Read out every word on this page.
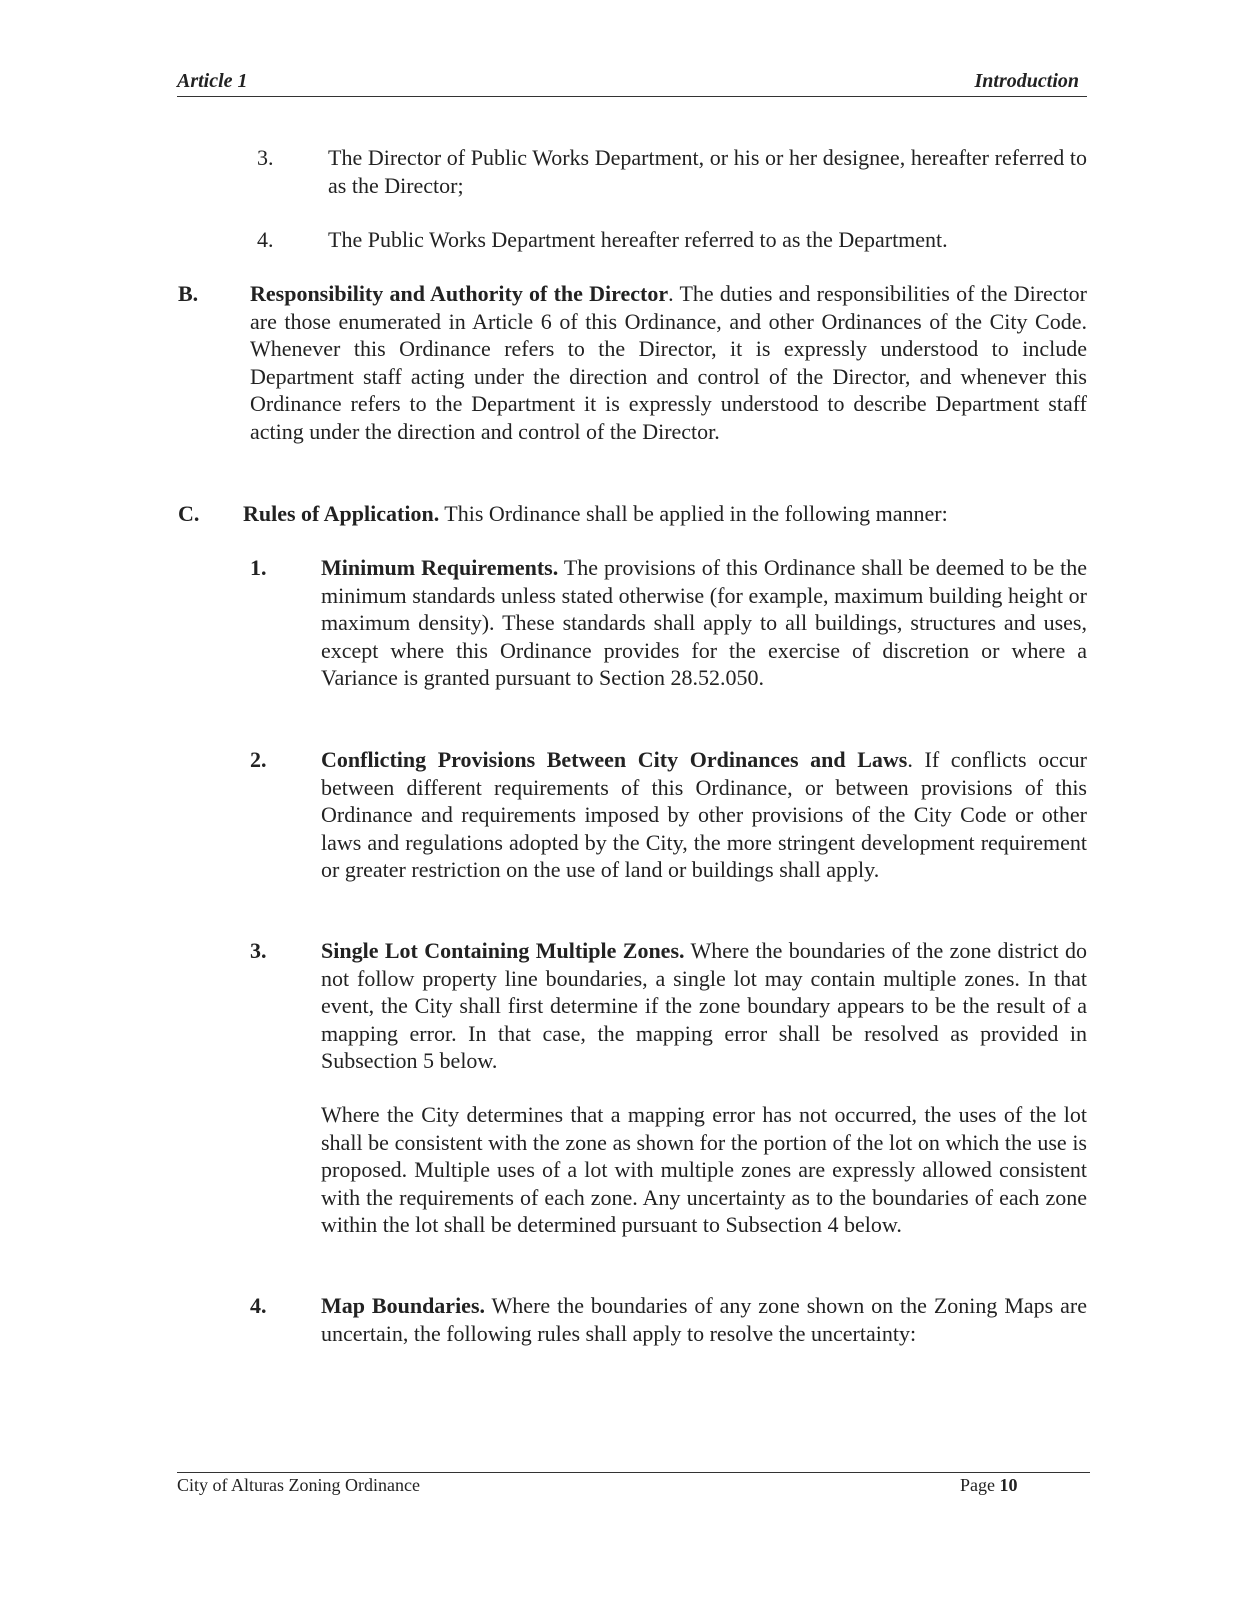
Article 1	Introduction
3. The Director of Public Works Department, or his or her designee, hereafter referred to as the Director;
4. The Public Works Department hereafter referred to as the Department.
B. Responsibility and Authority of the Director. The duties and responsibilities of the Director are those enumerated in Article 6 of this Ordinance, and other Ordinances of the City Code. Whenever this Ordinance refers to the Director, it is expressly understood to include Department staff acting under the direction and control of the Director, and whenever this Ordinance refers to the Department it is expressly understood to describe Department staff acting under the direction and control of the Director.
C. Rules of Application. This Ordinance shall be applied in the following manner:
1. Minimum Requirements. The provisions of this Ordinance shall be deemed to be the minimum standards unless stated otherwise (for example, maximum building height or maximum density). These standards shall apply to all buildings, structures and uses, except where this Ordinance provides for the exercise of discretion or where a Variance is granted pursuant to Section 28.52.050.
2. Conflicting Provisions Between City Ordinances and Laws. If conflicts occur between different requirements of this Ordinance, or between provisions of this Ordinance and requirements imposed by other provisions of the City Code or other laws and regulations adopted by the City, the more stringent development requirement or greater restriction on the use of land or buildings shall apply.
3. Single Lot Containing Multiple Zones. Where the boundaries of the zone district do not follow property line boundaries, a single lot may contain multiple zones. In that event, the City shall first determine if the zone boundary appears to be the result of a mapping error. In that case, the mapping error shall be resolved as provided in Subsection 5 below.
Where the City determines that a mapping error has not occurred, the uses of the lot shall be consistent with the zone as shown for the portion of the lot on which the use is proposed. Multiple uses of a lot with multiple zones are expressly allowed consistent with the requirements of each zone. Any uncertainty as to the boundaries of each zone within the lot shall be determined pursuant to Subsection 4 below.
4. Map Boundaries. Where the boundaries of any zone shown on the Zoning Maps are uncertain, the following rules shall apply to resolve the uncertainty:
City of Alturas Zoning Ordinance	Page 10
